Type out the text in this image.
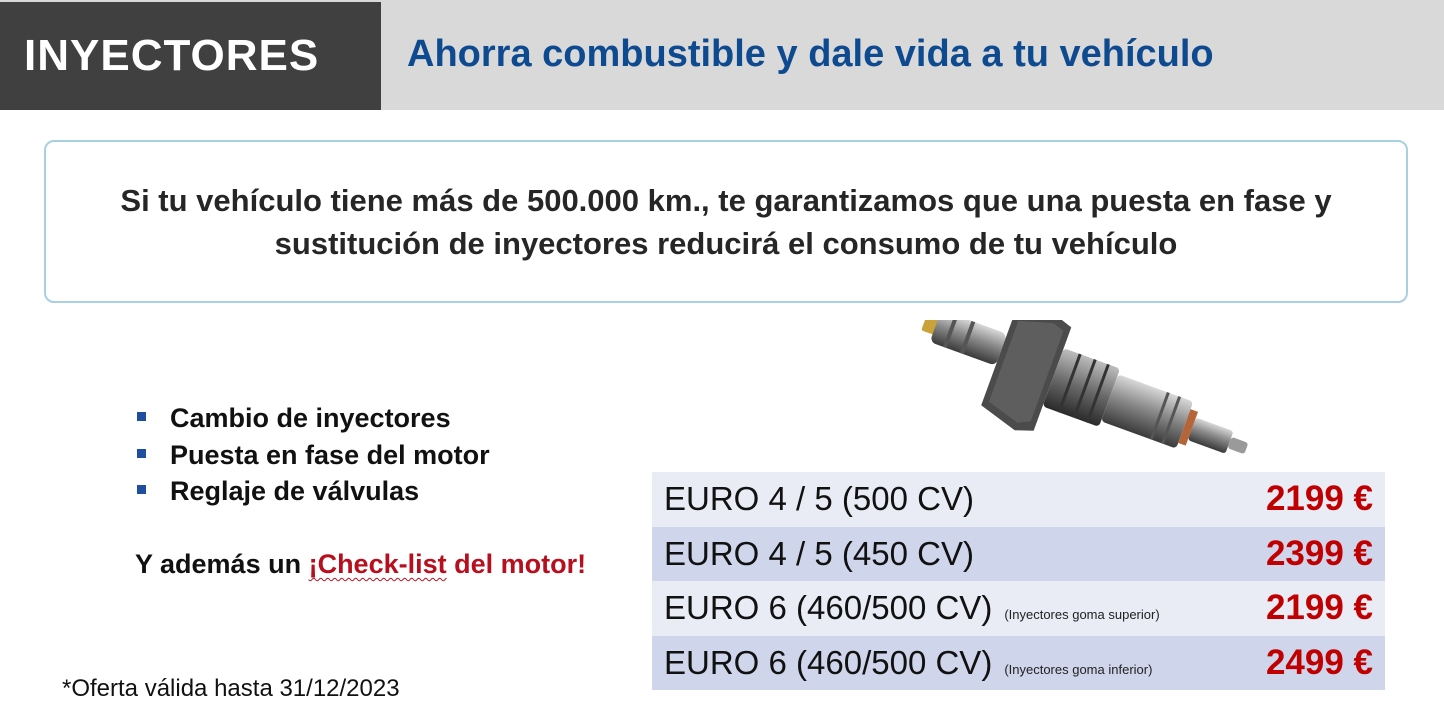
INYECTORES	Ahorra combustible y dale vida a tu vehículo
Si tu vehículo tiene más de 500.000 km., te garantizamos que una puesta en fase y
sustitución de inyectores reducirá el consumo de tu vehículo
Cambio de inyectores
Puesta en fase del motor
Reglaje de válvulas
Y además un ¡Check-list del motor!
*Oferta válida hasta 31/12/2023
EURO 4 / 5 (500 CV)	2199 €
EURO 4 / 5 (450 CV)	2399 €
EURO 6 (460/500 CV) (Inyectores goma superior)	2199 €
EURO 6 (460/500 CV) (Inyectores goma inferior)	2499 €
